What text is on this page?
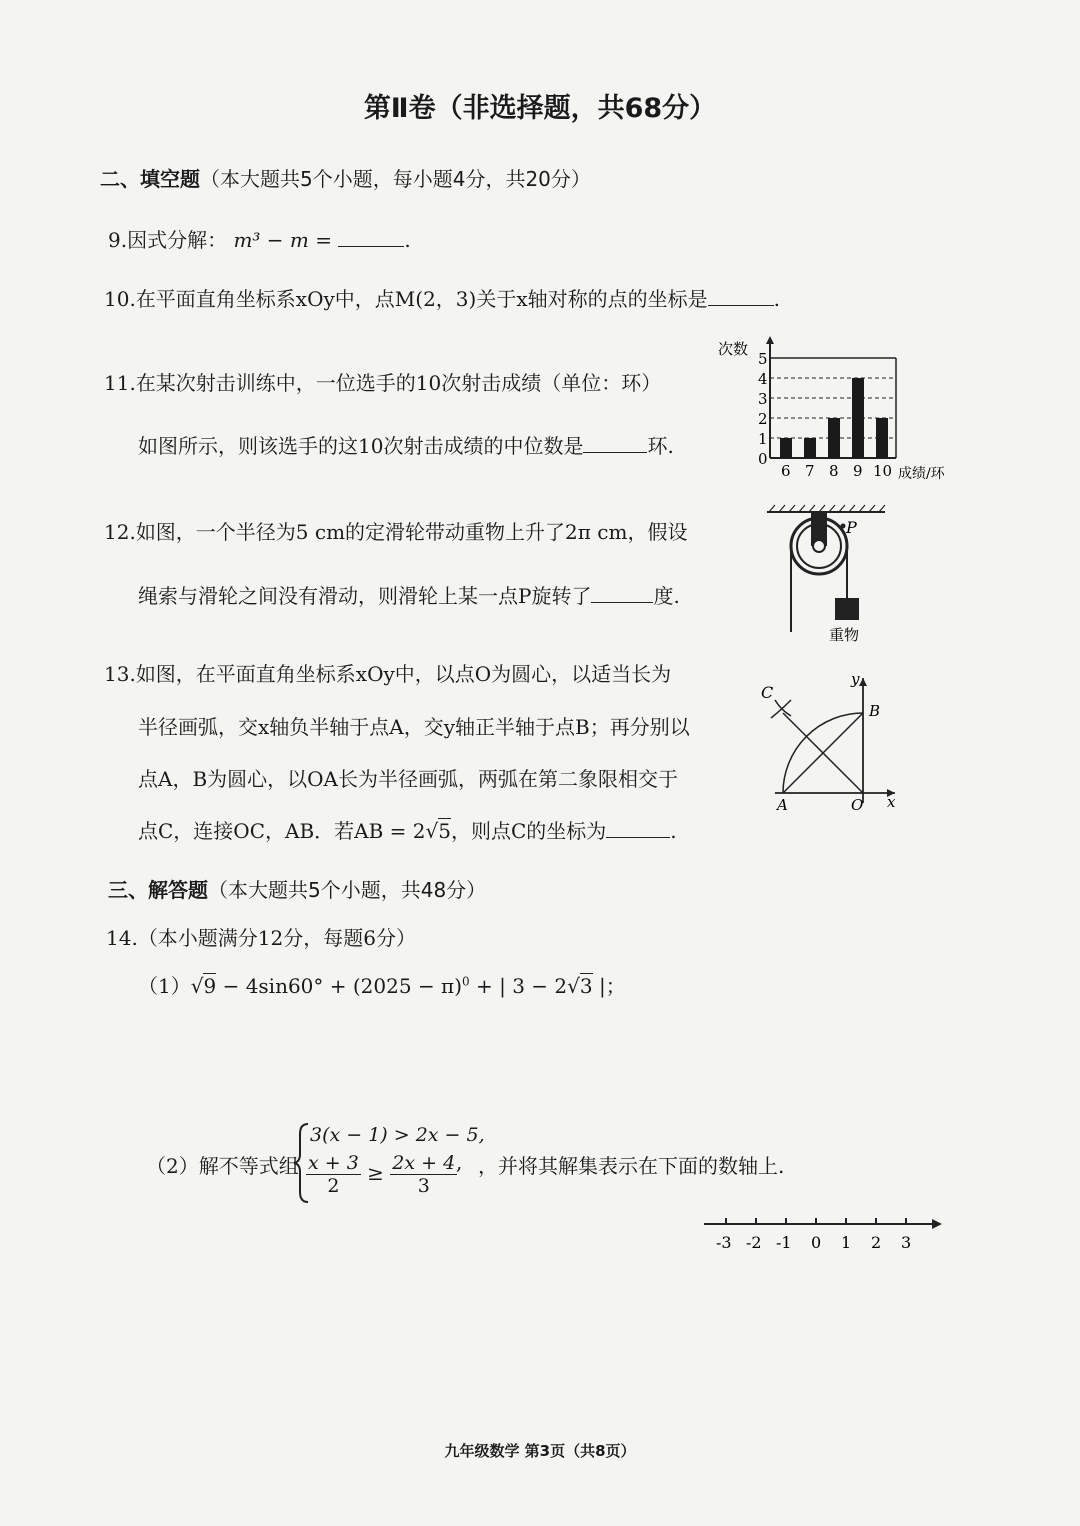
第Ⅱ卷（非选择题，共68分）
二、填空题（本大题共5个小题，每小题4分，共20分）
9.因式分解： m³ − m =	.
10.在平面直角坐标系xOy中，点M(2，3)关于x轴对称的点的坐标是	.
11.在某次射击训练中，一位选手的10次射击成绩（单位：环）
如图所示，则该选手的这10次射击成绩的中位数是	环.
0
1
2
3
4
5
6 7 8 9 10
次数
成绩/环
12.如图，一个半径为5 cm的定滑轮带动重物上升了2π cm，假设
绳索与滑轮之间没有滑动，则滑轮上某一点P旋转了	度.
P
重物
13.如图，在平面直角坐标系xOy中，以点O为圆心，以适当长为
半径画弧，交x轴负半轴于点A，交y轴正半轴于点B；再分别以
点A，B为圆心，以OA长为半径画弧，两弧在第二象限相交于
点C，连接OC，AB．若AB = 2√5，则点C的坐标为	.
C
y
B
A	O x
三、解答题（本大题共5个小题，共48分）
14.（本小题满分12分，每题6分）
$(1)√9 - 4\sin 60^\circ + (2025 - \pi)^0$ + | 3 − 2√3 |；
（2）解不等式组
3(x − 1) > 2x − 5,
$\frac{x + 3}{2} \ge \frac{2x + 4}{3}$
, ，并将其解集表示在下面的数轴上.
-3 -2 -1 0 1 2 3
九年级数学 第3页（共8页）
